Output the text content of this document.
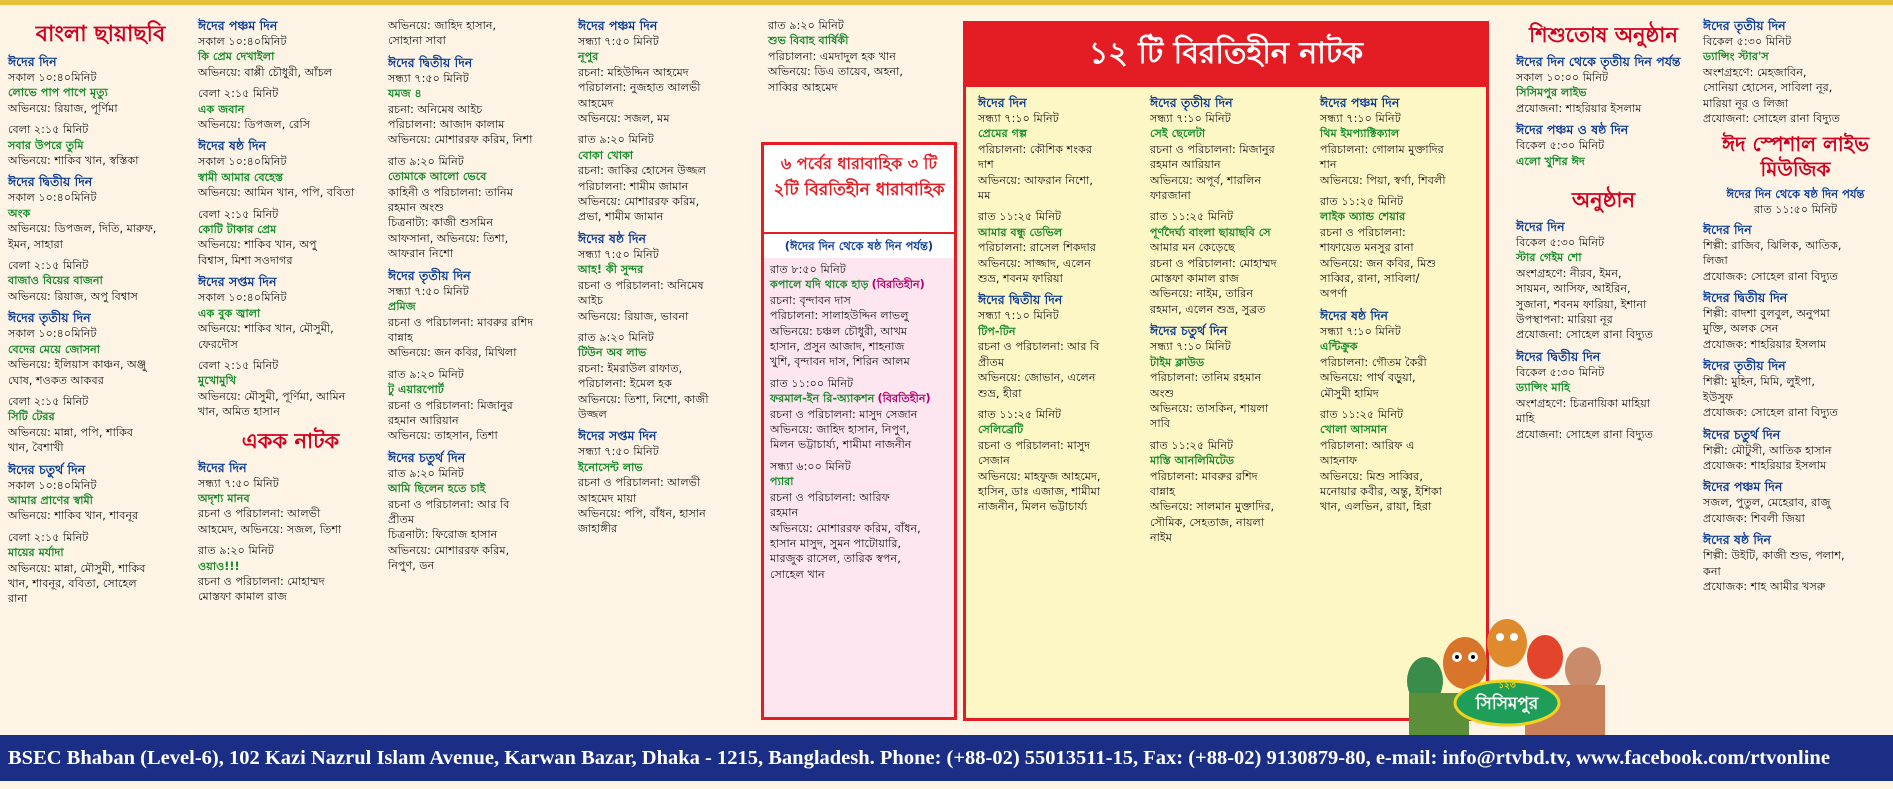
বাংলা ছায়াছবি

ঈদের দিন

সকাল ১০:৪০মিনিট

লোভে পাপ পাপে মৃত্যু

অভিনয়ে: রিয়াজ, পূর্ণিমা

বেলা ২:১৫ মিনিট

সবার উপরে তুমি

অভিনয়ে: শাকিব খান, স্বস্তিকা

ঈদের দ্বিতীয় দিন

সকাল ১০:৪০মিনিট

অংক

অভিনয়ে: ডিপজল, দিতি, মারুফ,

ইমন, সাহারা

বেলা ২:১৫ মিনিট

বাজাও বিয়ের বাজনা

অভিনয়ে: রিয়াজ, অপু বিশ্বাস

ঈদের তৃতীয় দিন

সকাল ১০:৪০মিনিট

বেদের মেয়ে জোসনা

অভিনয়ে: ইলিয়াস কাঞ্চন, অঞ্জু

ঘোষ, শওকত আকবর

বেলা ২:১৫ মিনিট

সিটি টেরর

অভিনয়ে: মান্না, পপি, শাকিব

খান, বৈশাখী

ঈদের চতুর্থ দিন

সকাল ১০:৪০মিনিট

আমার প্রাণের স্বামী

অভিনয়ে: শাকিব খান, শাবনূর

বেলা ২:১৫ মিনিট

মায়ের মর্যাদা

অভিনয়ে: মান্না, মৌসুমী, শাকিব

খান, শাবনূর, ববিতা, সোহেল

রানা

ঈদের পঞ্চম দিন

সকাল ১০:৪০মিনিট

কি প্রেম দেখাইলা

অভিনয়ে: বাপ্পী চৌধুরী, আঁচল

বেলা ২:১৫ মিনিট

এক জবান

অভিনয়ে: ডিপজল, রেসি

ঈদের ষষ্ঠ দিন

সকাল ১০:৪০মিনিট

স্বামী আমার বেহেস্ত

অভিনয়ে: আমিন খান, পপি, ববিতা

বেলা ২:১৫ মিনিট

কোটি টাকার প্রেম

অভিনয়ে: শাকিব খান, অপু

বিশ্বাস, মিশা সওদাগর

ঈদের সপ্তম দিন

সকাল ১০:৪০মিনিট

এক বুক জ্বালা

অভিনয়ে: শাকিব খান, মৌসুমী,

ফেরদৌস

বেলা ২:১৫ মিনিট

মুখোমুখি

অভিনয়ে: মৌসুমী, পূর্ণিমা, আমিন

খান, অমিত হাসান

একক নাটক

ঈদের দিন

সন্ধ্যা ৭:৫০ মিনিট

অদৃশ্য মানব

রচনা ও পরিচালনা: আলভী

আহমেদ, অভিনয়ে: সজল, তিশা

রাত ৯:২০ মিনিট

ওয়াও!!!

রচনা ও পরিচালনা: মোহাম্মদ

মোস্তফা কামাল রাজ

অভিনয়ে: জাহিদ হাসান,

সোহানা সাবা

ঈদের দ্বিতীয় দিন

সন্ধ্যা ৭:৫০ মিনিট

যমজ ৪

রচনা: অনিমেষ আইচ

পরিচালনা: আজাদ কালাম

অভিনয়ে: মোশাররফ করিম, নিশা

রাত ৯:২০ মিনিট

তোমাকে আলো ভেবে

কাহিনী ও পরিচালনা: তানিম

রহমান অংশু

চিত্রনাট্য: কাজী শুসমিন

আফসানা, অভিনয়ে: তিশা,

আফরান নিশো

ঈদের তৃতীয় দিন

সন্ধ্যা ৭:৫০ মিনিট

প্রমিজ

রচনা ও পরিচালনা: মাবরুর রশিদ

বান্নাহ

অভিনয়ে: জন কবির, মিথিলা

রাত ৯:২০ মিনিট

টু এয়ারপোর্ট

রচনা ও পরিচালনা: মিজানুর

রহমান আরিয়ান

অভিনয়ে: তাহসান, তিশা

ঈদের চতুর্থ দিন

রাত ৯:২০ মিনিট

আমি ছিলেন হতে চাই

রচনা ও পরিচালনা: আর বি

প্রীতম

চিত্রনাট্য: ফিরোজ হাসান

অভিনয়ে: মোশাররফ করিম,

নিপুণ, ডন

ঈদের পঞ্চম দিন

সন্ধ্যা ৭:৫০ মিনিট

নূপুর

রচনা: মহিউদ্দিন আহমেদ

পরিচালনা: নুজহাত আলভী

আহমেদ

অভিনয়ে: সজল, মম

রাত ৯:২০ মিনিট

বোকা খোকা

রচনা: জাকির হোসেন উজ্জল

পরিচালনা: শামীম জামান

অভিনয়ে: মোশাররফ করিম,

প্রভা, শামীম জামান

ঈদের ষষ্ঠ দিন

সন্ধ্যা ৭:৫০ মিনিট

আহ! কী সুন্দর

রচনা ও পরিচালনা: অনিমেষ

আইচ

অভিনয়ে: রিয়াজ, ভাবনা

রাত ৯:২০ মিনিট

টিউন অব লাভ

রচনা: ইমরাউল রাফাত,

পরিচালনা: ইমেল হক

অভিনয়ে: তিশা, নিশো, কাজী

উজ্জল

ঈদের সপ্তম দিন

সন্ধ্যা ৭:৫০ মিনিট

ইনোসেন্ট লাভ

রচনা ও পরিচালনা: আলভী

আহমেদ মায়া

অভিনয়ে: পপি, বাঁধন, হাসান

জাহাঙ্গীর

রাত ৯:২০ মিনিট

শুভ বিবাহ বার্ষিকী

পরিচালনা: এমদাদুল হক খান

অভিনয়ে: ডিএ তায়েব, অহনা,

সাব্বির আহমেদ

৬ পর্বের ধারাবাহিক ৩ টি
২টি বিরতিহীন ধারাবাহিক
(ঈদের দিন থেকে ষষ্ঠ দিন পর্যন্ত)

রাত ৮:৫০ মিনিট

কপালে যদি থাকে হাড় (বিরতিহীন)

রচনা: বৃন্দাবন দাস

পরিচালনা: সালাহউদ্দিন লাভলু

অভিনয়ে: চঞ্চল চৌধুরী, আখম

হাসান, প্রসুন আজাদ, শাহনাজ

খুশি, বৃন্দাবন দাস, শিরিন আলম

রাত ১১:০০ মিনিট

ফরমাল-ইন রি-অ্যাকশন (বিরতিহীন)

রচনা ও পরিচালনা: মাসুদ সেজান

অভিনয়ে: জাহিদ হাসান, নিপুণ,

মিলন ভট্টাচার্য্য, শামীমা নাজনীন

সন্ধ্যা ৬:০০ মিনিট

প্যারা

রচনা ও পরিচালনা: আরিফ

রহমান

অভিনয়ে: মোশাররফ করিম, বাঁধন,

হাসান মাসুদ, সুমন পাটোয়ারি,

মারজুক রাসেল, তারিক স্বপন,

সোহেল খান

১২ টি বিরতিহীন নাটক

ঈদের দিন

সন্ধ্যা ৭:১০ মিনিট

প্রেমের গল্প

পরিচালনা: কৌশিক শংকর

দাশ

অভিনয়ে: আফরান নিশো,

মম

রাত ১১:২৫ মিনিট

আমার বন্ধু ডেভিল

পরিচালনা: রাসেল শিকদার

অভিনয়ে: সাজ্জাদ, এলেন

শুভ্র, শবনম ফারিয়া

ঈদের দ্বিতীয় দিন

সন্ধ্যা ৭:১০ মিনিট

টিপ-টিন

রচনা ও পরিচালনা: আর বি

প্রীতম

অভিনয়ে: জোভান, এলেন

শুভ্র, হীরা

রাত ১১:২৫ মিনিট

সেলিব্রেটি

রচনা ও পরিচালনা: মাসুদ

সেজান

অভিনয়ে: মাহফুজ আহমেদ,

হাসিন, ডাঃ এজাজ, শামীমা

নাজনীন, মিলন ভট্টাচার্য্য

ঈদের তৃতীয় দিন

সন্ধ্যা ৭:১০ মিনিট

সেই ছেলেটা

রচনা ও পরিচালনা: মিজানুর

রহমান আরিয়ান

অভিনয়ে: অপূর্ব, শারলিন

ফারজানা

রাত ১১:২৫ মিনিট

পূর্ণদৈর্ঘ্য বাংলা ছায়াছবি সে

আমার মন কেড়েছে

রচনা ও পরিচালনা: মোহাম্মদ

মোস্তফা কামাল রাজ

অভিনয়ে: নাইম, তারিন

রহমান, এলেন শুভ্র, সুব্রত

ঈদের চতুর্থ দিন

সন্ধ্যা ৭:১০ মিনিট

টাইম ক্লাউড

পরিচালনা: তানিম রহমান

অংশু

অভিনয়ে: তাসকিন, শায়লা

সাবি

রাত ১১:২৫ মিনিট

মাস্তি আনলিমিটেড

পরিচালনা: মাবরুর রশিদ

বান্নাহ

অভিনয়ে: সালমান মুক্তাদির,

সৌমিক, সেহতাজ, নায়লা

নাইম

ঈদের পঞ্চম দিন

সন্ধ্যা ৭:১০ মিনিট

থিম ইমপ্যাক্টিক্যাল

পরিচালনা: গোলাম মুক্তাদির

শান

অভিনয়ে: পিয়া, স্বর্ণা, শিবলী

রাত ১১:২৫ মিনিট

লাইক অ্যান্ড শেয়ার

রচনা ও পরিচালনা:

শাফায়েত মনসুর রানা

অভিনয়ে: জন কবির, মিশু

সাব্বির, রানা, সাবিলা/

অপর্ণা

ঈদের ষষ্ঠ দিন

সন্ধ্যা ৭:১০ মিনিট

এন্টিক্রুক

পরিচালনা: গৌতম কৈরী

অভিনয়ে: পার্থ বড়ুয়া,

মৌসুমী হামিদ

রাত ১১:২৫ মিনিট

খোলা আসমান

পরিচালনা: আরিফ এ

আহনাফ

অভিনয়ে: মিশু সাব্বির,

মনোয়ার কবীর, অন্তু, ইশিকা

খান, এলভিন, রায়া, হিরা

শিশুতোষ অনুষ্ঠান

ঈদের দিন থেকে তৃতীয় দিন পর্যন্ত

সকাল ১০:০০ মিনিট

সিসিমপুর লাইভ

প্রযোজনা: শাহরিয়ার ইসলাম

ঈদের পঞ্চম ও ষষ্ঠ দিন

বিকেল ৫:৩০ মিনিট

এলো খুশির ঈদ

অনুষ্ঠান

ঈদের দিন

বিকেল ৫:৩০ মিনিট

স্টার গেইম শো

অংশগ্রহণে: নীরব, ইমন,

সায়মন, আসিফ, আইরিন,

সুজানা, শবনম ফারিয়া, ইশানা

উপস্থাপনা: মারিয়া নূর

প্রযোজনা: সোহেল রানা বিদ্যুত

ঈদের দ্বিতীয় দিন

বিকেল ৫:৩০ মিনিট

ড্যান্সিং মাহি

অংশগ্রহণে: চিত্রনায়িকা মাহিয়া

মাহি

প্রযোজনা: সোহেল রানা বিদ্যুত

ঈদের তৃতীয় দিন

বিকেল ৫:৩০ মিনিট

ড্যান্সিং স্টার'স

অংশগ্রহণে: মেহজাবিন,

সোনিয়া হোসেন, সাবিলা নূর,

মারিয়া নূর ও লিজা

প্রযোজনা: সোহেল রানা বিদ্যুত

ঈদ স্পেশাল লাইভ মিউজিক

ঈদের দিন থেকে ষষ্ঠ দিন পর্যন্ত

রাত ১১:৫০ মিনিট

ঈদের দিন

শিল্পী: রাজিব, ঝিলিক, আতিক,

লিজা

প্রযোজক: সোহেল রানা বিদ্যুত

ঈদের দ্বিতীয় দিন

শিল্পী: বাদশা বুলবুল, অনুপমা

মুক্তি, অলক সেন

প্রযোজক: শাহরিয়ার ইসলাম

ঈদের তৃতীয় দিন

শিল্পী: মুহিন, মিমি, লুইপা,

ইউসুফ

প্রযোজক: সোহেল রানা বিদ্যুত

ঈদের চতুর্থ দিন

শিল্পী: মৌটুসী, আতিক হাসান

প্রযোজক: শাহরিয়ার ইসলাম

ঈদের পঞ্চম দিন

সজল, পুতুল, মেহেরাব, রাজু

প্রযোজক: শিবলী জিয়া

ঈদের ষষ্ঠ দিন

শিল্পী: উইটি, কাজী শুভ, পলাশ,

কনা

প্রযোজক: শাহ আমীর খসরু

১২৩
সিসিমপুর
BSEC Bhaban (Level-6), 102 Kazi Nazrul Islam Avenue, Karwan Bazar, Dhaka - 1215, Bangladesh. Phone: (+88-02) 55013511-15, Fax: (+88-02) 9130879-80, e-mail: info@rtvbd.tv, www.facebook.com/rtvonline
